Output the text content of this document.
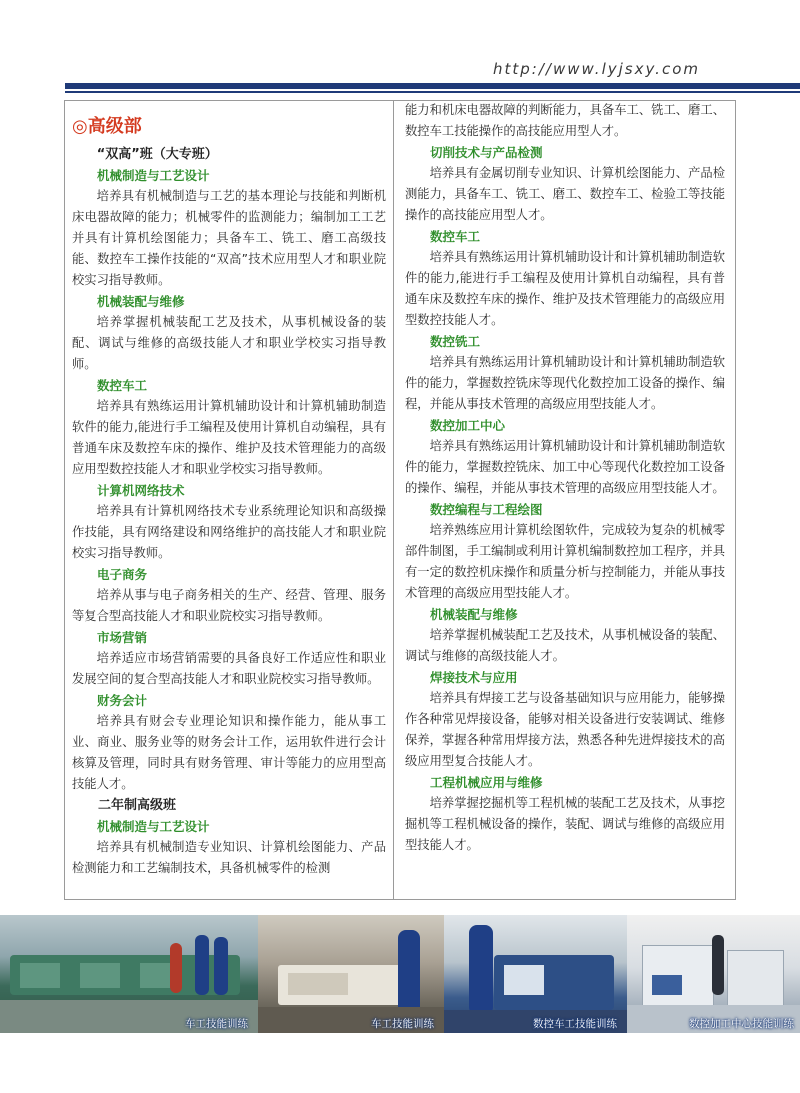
http://www.lyjsxy.com

◎高级部

“双高”班（大专班）

机械制造与工艺设计

培养具有机械制造与工艺的基本理论与技能和判断机床电器故障的能力；机械零件的监测能力；编制加工工艺并具有计算机绘图能力；具备车工、铣工、磨工高级技能、数控车工操作技能的“双高”技术应用型人才和职业院校实习指导教师。

机械装配与维修

培养掌握机械装配工艺及技术，从事机械设备的装配、调试与维修的高级技能人才和职业学校实习指导教师。

数控车工

培养具有熟练运用计算机辅助设计和计算机辅助制造软件的能力,能进行手工编程及使用计算机自动编程，具有普通车床及数控车床的操作、维护及技术管理能力的高级应用型数控技能人才和职业学校实习指导教师。

计算机网络技术

培养具有计算机网络技术专业系统理论知识和高级操作技能，具有网络建设和网络维护的高技能人才和职业院校实习指导教师。

电子商务

培养从事与电子商务相关的生产、经营、管理、服务等复合型高技能人才和职业院校实习指导教师。

市场营销

培养适应市场营销需要的具备良好工作适应性和职业发展空间的复合型高技能人才和职业院校实习指导教师。

财务会计

培养具有财会专业理论知识和操作能力，能从事工业、商业、服务业等的财务会计工作，运用软件进行会计核算及管理，同时具有财务管理、审计等能力的应用型高技能人才。

二年制高级班

机械制造与工艺设计

培养具有机械制造专业知识、计算机绘图能力、产品检测能力和工艺编制技术，具备机械零件的检测

能力和机床电器故障的判断能力，具备车工、铣工、磨工、数控车工技能操作的高技能应用型人才。

切削技术与产品检测

培养具有金属切削专业知识、计算机绘图能力、产品检测能力，具备车工、铣工、磨工、数控车工、检验工等技能操作的高技能应用型人才。

数控车工

培养具有熟练运用计算机辅助设计和计算机辅助制造软件的能力,能进行手工编程及使用计算机自动编程，具有普通车床及数控车床的操作、维护及技术管理能力的高级应用型数控技能人才。

数控铣工

培养具有熟练运用计算机辅助设计和计算机辅助制造软件的能力，掌握数控铣床等现代化数控加工设备的操作、编程，并能从事技术管理的高级应用型技能人才。

数控加工中心

培养具有熟练运用计算机辅助设计和计算机辅助制造软件的能力，掌握数控铣床、加工中心等现代化数控加工设备的操作、编程，并能从事技术管理的高级应用型技能人才。

数控编程与工程绘图

培养熟练应用计算机绘图软件，完成较为复杂的机械零部件制图，手工编制或利用计算机编制数控加工程序，并具有一定的数控机床操作和质量分析与控制能力，并能从事技术管理的高级应用型技能人才。

机械装配与维修

培养掌握机械装配工艺及技术，从事机械设备的装配、调试与维修的高级技能人才。

焊接技术与应用

培养具有焊接工艺与设备基础知识与应用能力，能够操作各种常见焊接设备，能够对相关设备进行安装调试、维修保养，掌握各种常用焊接方法，熟悉各种先进焊接技术的高级应用型复合技能人才。

工程机械应用与维修

培养掌握挖掘机等工程机械的装配工艺及技术，从事挖掘机等工程机械设备的操作，装配、调试与维修的高级应用型技能人才。

车工技能训练	车工技能训练	数控车工技能训练	数控加工中心技能训练
